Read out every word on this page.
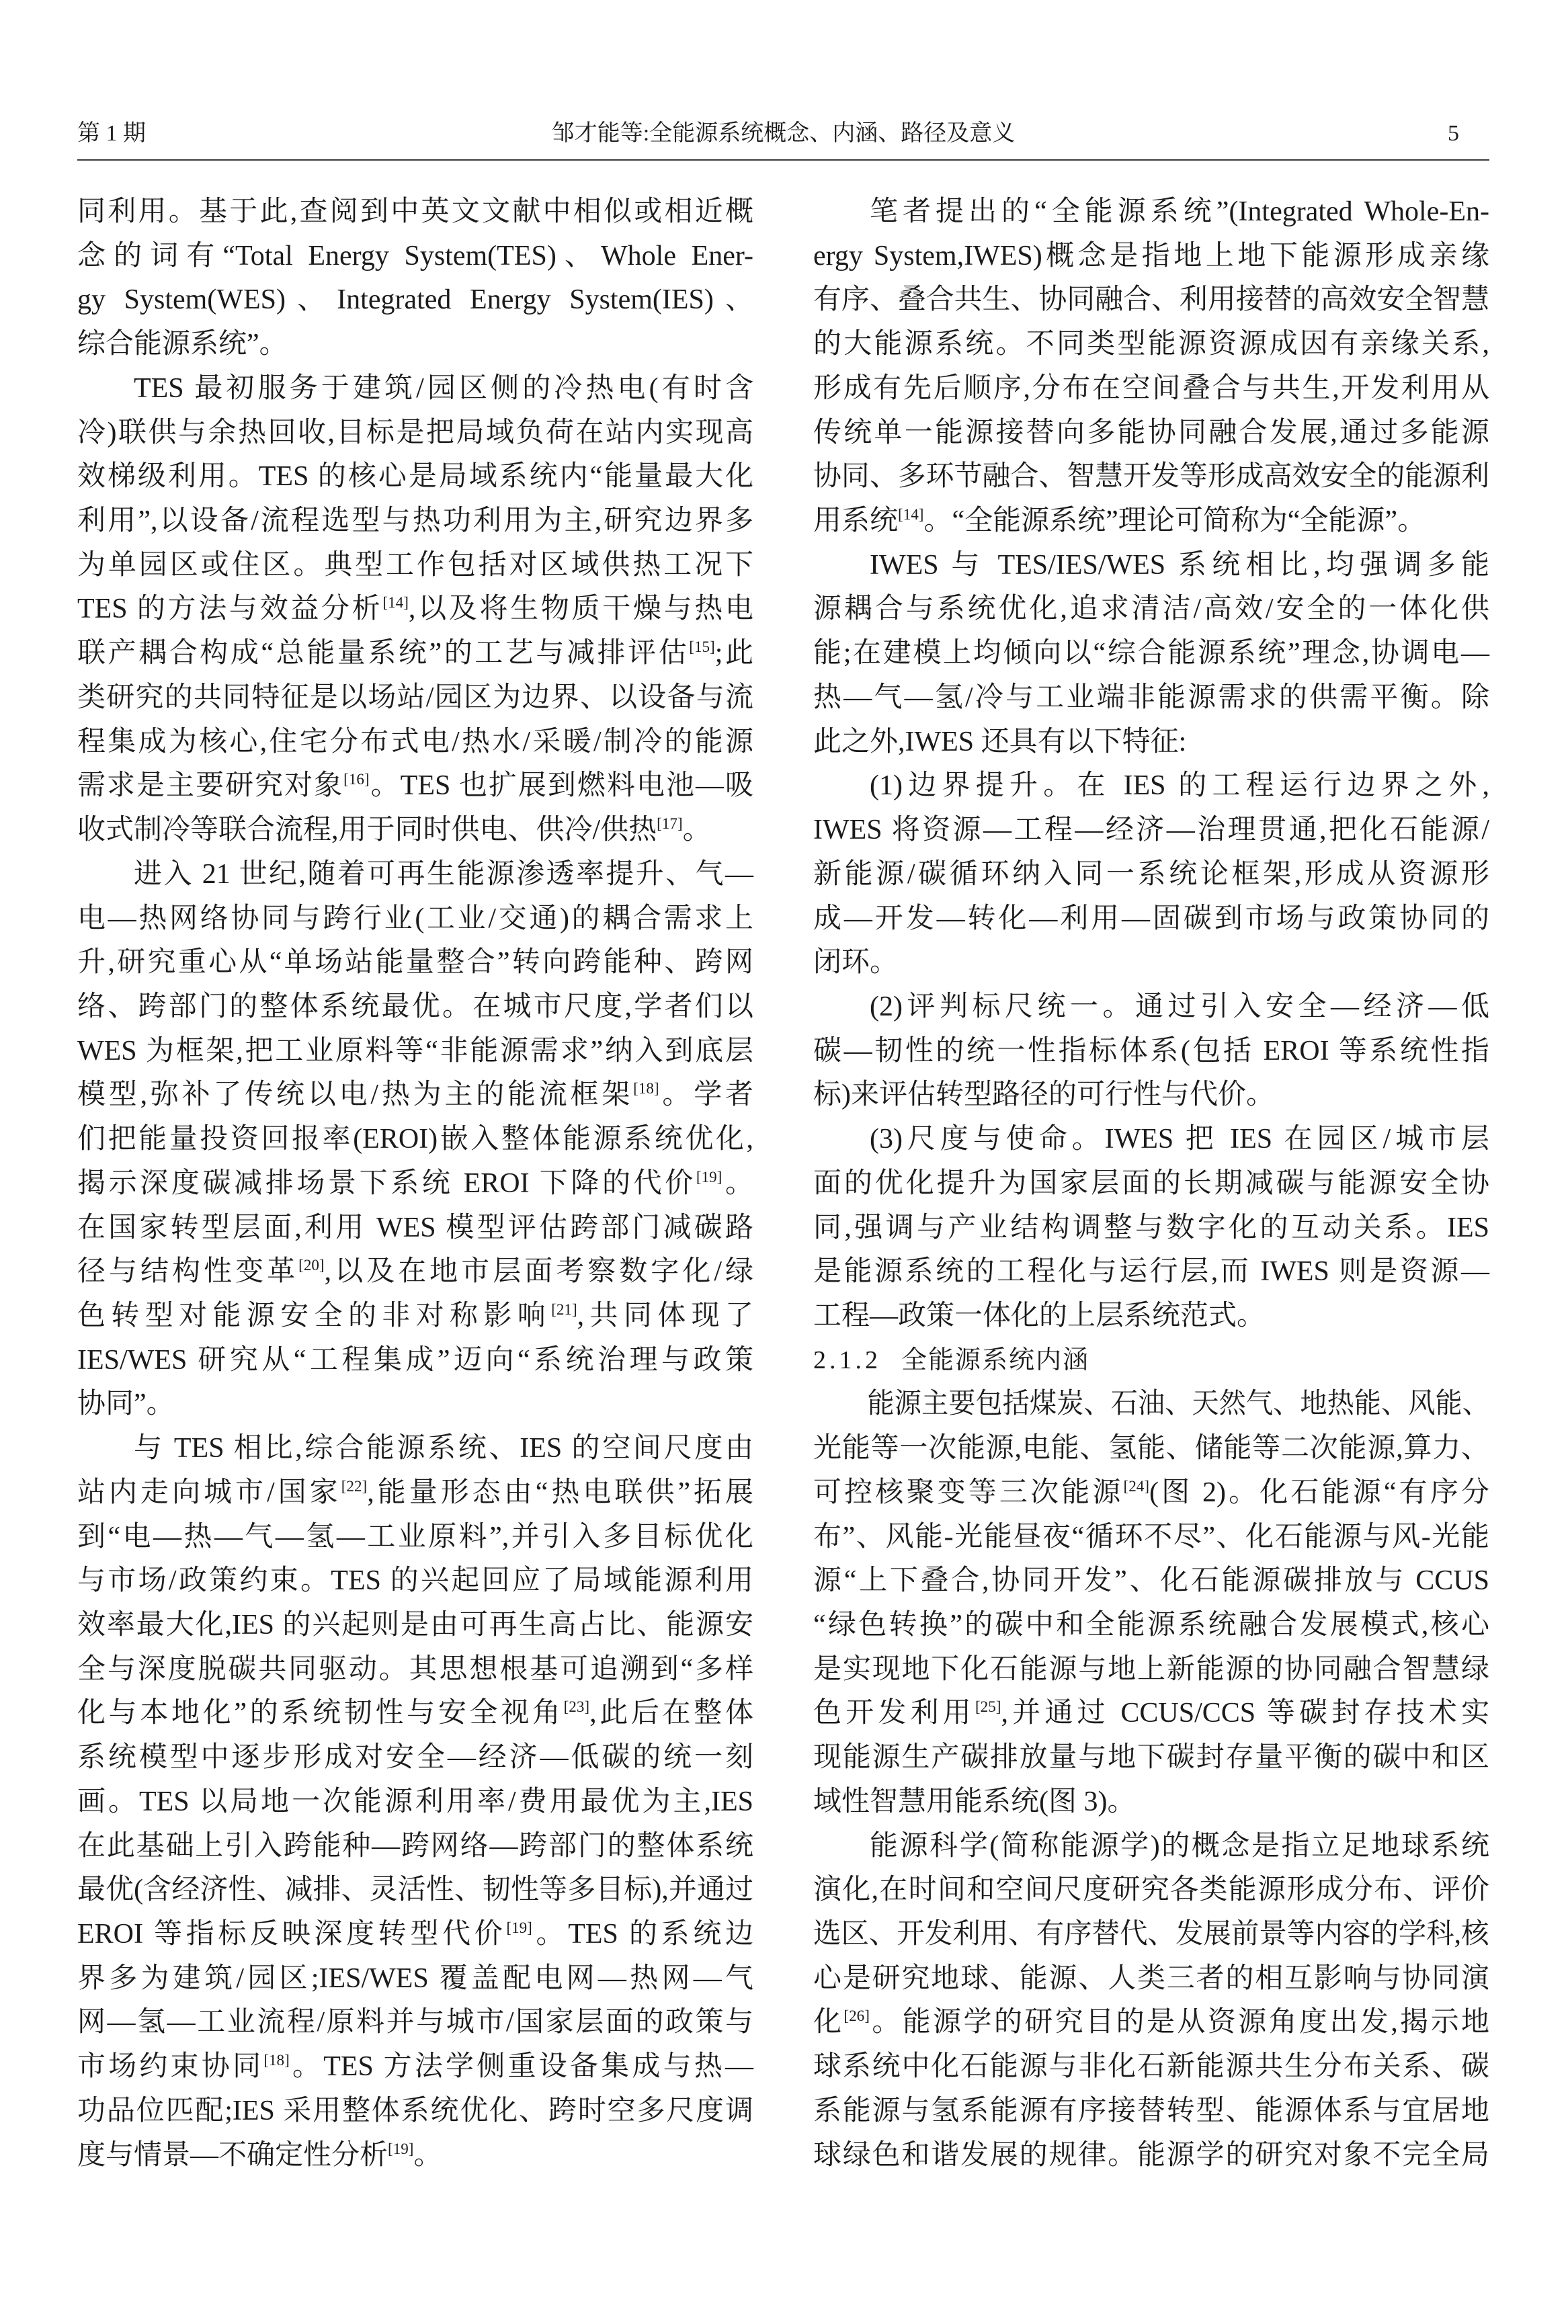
第 1 期	邹才能等:全能源系统概念、内涵、路径及意义	5
同利用。基于此,查阅到中英文文献中相似或相近概
念的词有“Total Energy System(TES)、Whole Ener-
gy System(WES)、Integrated Energy System(IES)、
综合能源系统”。
TES 最初服务于建筑/园区侧的冷热电(有时含
冷)联供与余热回收,目标是把局域负荷在站内实现高
效梯级利用。TES 的核心是局域系统内“能量最大化
利用”,以设备/流程选型与热功利用为主,研究边界多
为单园区或住区。典型工作包括对区域供热工况下
TES 的方法与效益分析[14],以及将生物质干燥与热电
联产耦合构成“总能量系统”的工艺与减排评估[15];此
类研究的共同特征是以场站/园区为边界、以设备与流
程集成为核心,住宅分布式电/热水/采暖/制冷的能源
需求是主要研究对象[16]。TES 也扩展到燃料电池—吸
收式制冷等联合流程,用于同时供电、供冷/供热[17]。
进入 21 世纪,随着可再生能源渗透率提升、气—
电—热网络协同与跨行业(工业/交通)的耦合需求上
升,研究重心从“单场站能量整合”转向跨能种、跨网
络、跨部门的整体系统最优。在城市尺度,学者们以
WES 为框架,把工业原料等“非能源需求”纳入到底层
模型,弥补了传统以电/热为主的能流框架[18]。学者
们把能量投资回报率(EROI)嵌入整体能源系统优化,
揭示深度碳减排场景下系统 EROI 下降的代价[19]。
在国家转型层面,利用 WES 模型评估跨部门减碳路
径与结构性变革[20],以及在地市层面考察数字化/绿
色转型对能源安全的非对称影响[21],共同体现了
IES/WES 研究从“工程集成”迈向“系统治理与政策
协同”。
与 TES 相比,综合能源系统、IES 的空间尺度由
站内走向城市/国家[22],能量形态由“热电联供”拓展
到“电—热—气—氢—工业原料”,并引入多目标优化
与市场/政策约束。TES 的兴起回应了局域能源利用
效率最大化,IES 的兴起则是由可再生高占比、能源安
全与深度脱碳共同驱动。其思想根基可追溯到“多样
化与本地化”的系统韧性与安全视角[23],此后在整体
系统模型中逐步形成对安全—经济—低碳的统一刻
画。TES 以局地一次能源利用率/费用最优为主,IES
在此基础上引入跨能种—跨网络—跨部门的整体系统
最优(含经济性、减排、灵活性、韧性等多目标),并通过
EROI 等指标反映深度转型代价[19]。TES 的系统边
界多为建筑/园区;IES/WES 覆盖配电网—热网—气
网—氢—工业流程/原料并与城市/国家层面的政策与
市场约束协同[18]。TES 方法学侧重设备集成与热—
功品位匹配;IES 采用整体系统优化、跨时空多尺度调
度与情景—不确定性分析[19]。
笔者提出的“全能源系统”(Integrated Whole-En-
ergy System,IWES)概念是指地上地下能源形成亲缘
有序、叠合共生、协同融合、利用接替的高效安全智慧
的大能源系统。不同类型能源资源成因有亲缘关系,
形成有先后顺序,分布在空间叠合与共生,开发利用从
传统单一能源接替向多能协同融合发展,通过多能源
协同、多环节融合、智慧开发等形成高效安全的能源利
用系统[14]。“全能源系统”理论可简称为“全能源”。
IWES 与 TES/IES/WES 系统相比,均强调多能
源耦合与系统优化,追求清洁/高效/安全的一体化供
能;在建模上均倾向以“综合能源系统”理念,协调电—
热—气—氢/冷与工业端非能源需求的供需平衡。除
此之外,IWES 还具有以下特征:
(1)边界提升。在 IES 的工程运行边界之外,
IWES 将资源—工程—经济—治理贯通,把化石能源/
新能源/碳循环纳入同一系统论框架,形成从资源形
成—开发—转化—利用—固碳到市场与政策协同的
闭环。
(2)评判标尺统一。通过引入安全—经济—低
碳—韧性的统一性指标体系(包括 EROI 等系统性指
标)来评估转型路径的可行性与代价。
(3)尺度与使命。IWES 把 IES 在园区/城市层
面的优化提升为国家层面的长期减碳与能源安全协
同,强调与产业结构调整与数字化的互动关系。IES
是能源系统的工程化与运行层,而 IWES 则是资源—
工程—政策一体化的上层系统范式。
2.1.2 全能源系统内涵
能源主要包括煤炭、石油、天然气、地热能、风能、
光能等一次能源,电能、氢能、储能等二次能源,算力、
可控核聚变等三次能源[24](图 2)。化石能源“有序分
布”、风能-光能昼夜“循环不尽”、化石能源与风-光能
源“上下叠合,协同开发”、化石能源碳排放与 CCUS
“绿色转换”的碳中和全能源系统融合发展模式,核心
是实现地下化石能源与地上新能源的协同融合智慧绿
色开发利用[25],并通过 CCUS/CCS 等碳封存技术实
现能源生产碳排放量与地下碳封存量平衡的碳中和区
域性智慧用能系统(图 3)。
能源科学(简称能源学)的概念是指立足地球系统
演化,在时间和空间尺度研究各类能源形成分布、评价
选区、开发利用、有序替代、发展前景等内容的学科,核
心是研究地球、能源、人类三者的相互影响与协同演
化[26]。能源学的研究目的是从资源角度出发,揭示地
球系统中化石能源与非化石新能源共生分布关系、碳
系能源与氢系能源有序接替转型、能源体系与宜居地
球绿色和谐发展的规律。能源学的研究对象不完全局
